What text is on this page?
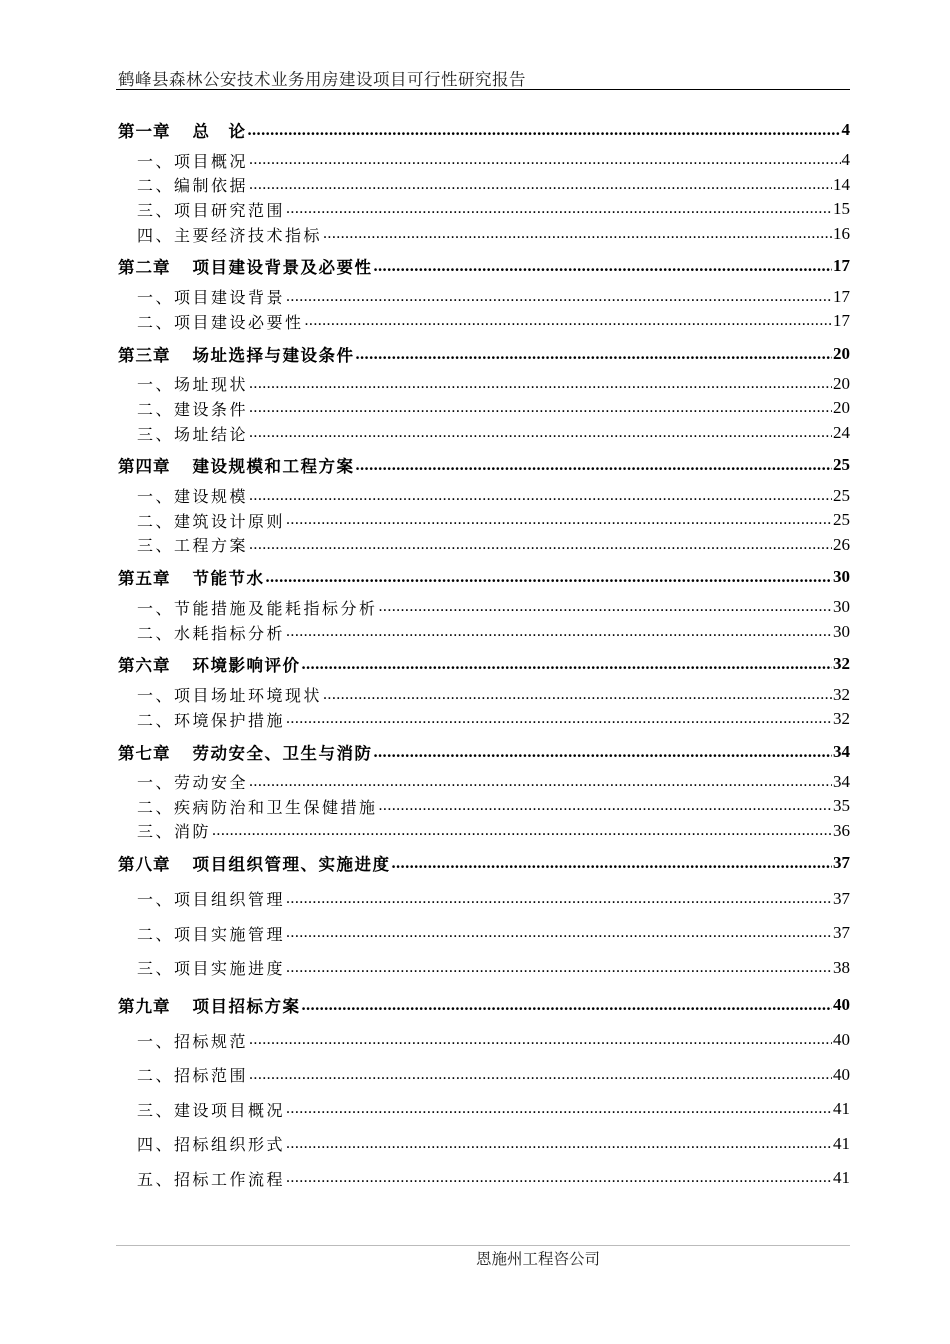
鹤峰县森林公安技术业务用房建设项目可行性研究报告
第一章 总　论 .....	4
一、项目概况 .....	4
二、编制依据 .....	14
三、项目研究范围 .....	15
四、主要经济技术指标 .....	16
第二章 项目建设背景及必要性 .....	17
一、项目建设背景 .....	17
二、项目建设必要性 .....	17
第三章 场址选择与建设条件 .....	20
一、场址现状 .....	20
二、建设条件 .....	20
三、场址结论 .....	24
第四章 建设规模和工程方案 .....	25
一、建设规模 .....	25
二、建筑设计原则 .....	25
三、工程方案 .....	26
第五章 节能节水 .....	30
一、节能措施及能耗指标分析 .....	30
二、水耗指标分析 .....	30
第六章 环境影响评价 .....	32
一、项目场址环境现状 .....	32
二、环境保护措施 .....	32
第七章 劳动安全、卫生与消防 .....	34
一、劳动安全 .....	34
二、疾病防治和卫生保健措施 .....	35
三、消防 .....	36
第八章项目组织管理、实施进度 .....	37
一、项目组织管理 .....	37
二、项目实施管理 .....	37
三、项目实施进度 .....	38
第九章 项目招标方案 .....	40
一、招标规范 .....	40
二、招标范围 .....	40
三、建设项目概况 .....	41
四、招标组织形式 .....	41
五、招标工作流程 .....	41
恩施州工程咨公司
